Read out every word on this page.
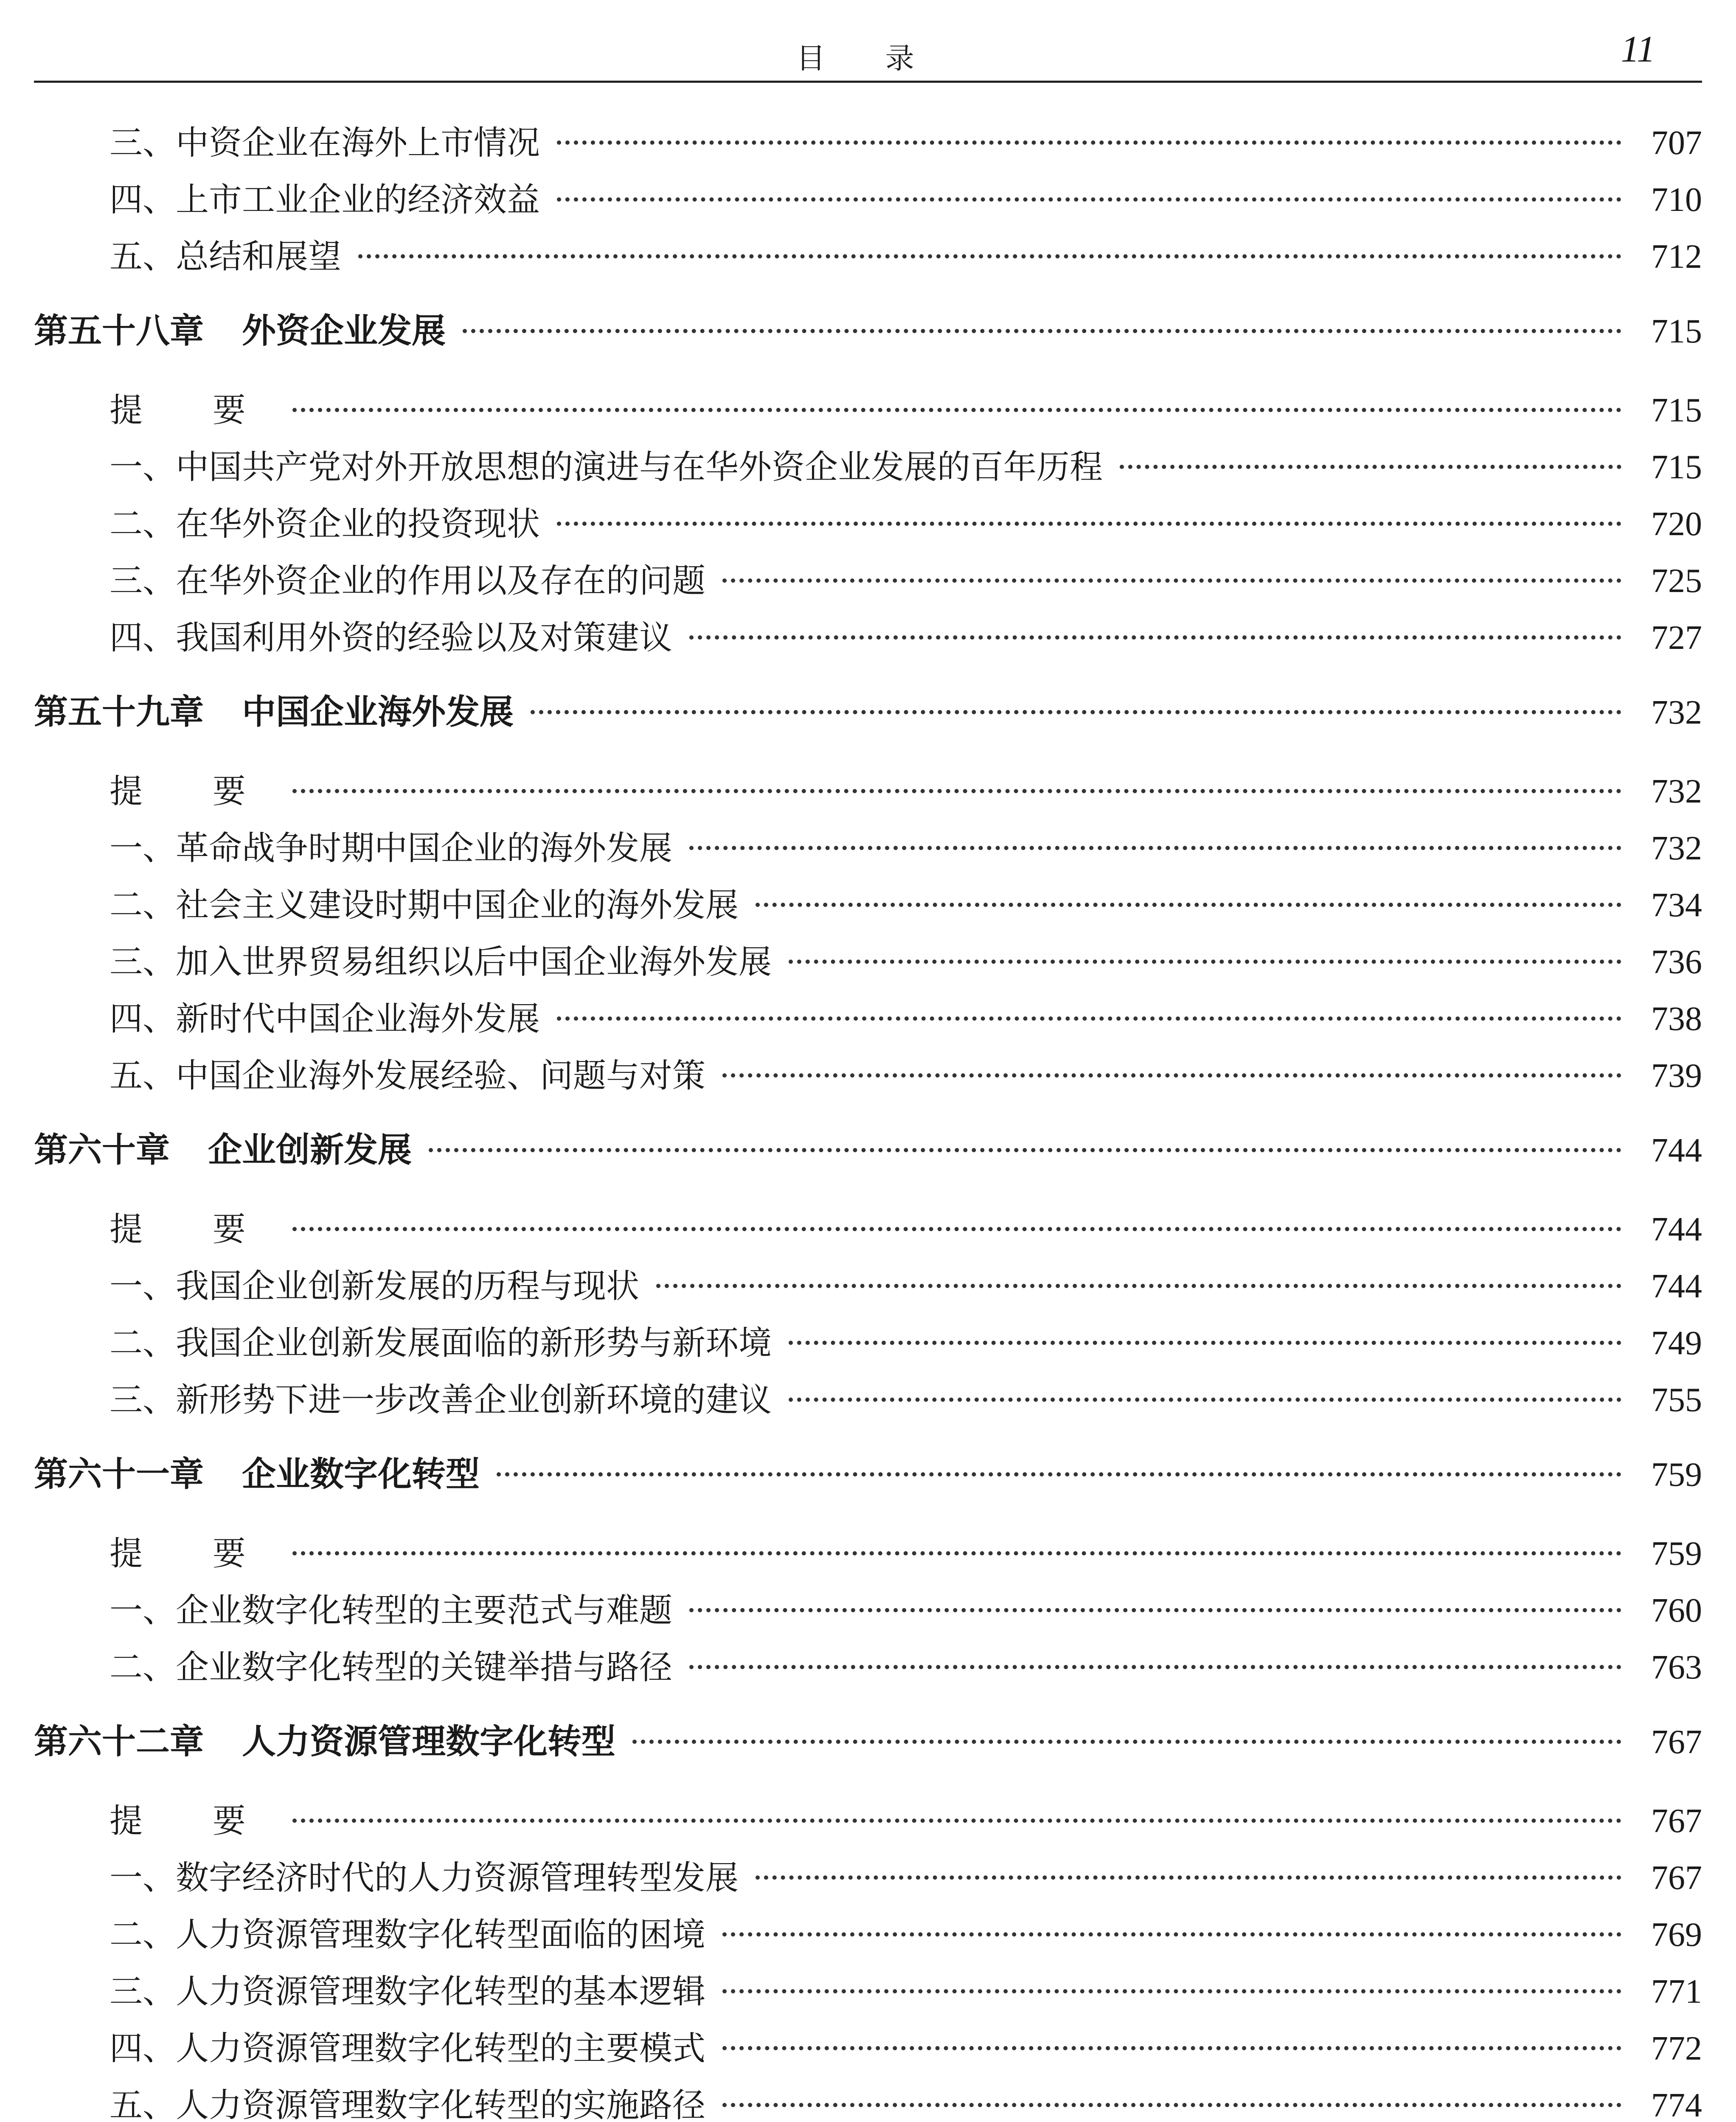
目 录	11
三、中资企业在海外上市情况	707
四、上市工业企业的经济效益	710
五、总结和展望	712
第五十八章 外资企业发展	715
提 要	715
一、中国共产党对外开放思想的演进与在华外资企业发展的百年历程	715
二、在华外资企业的投资现状	720
三、在华外资企业的作用以及存在的问题	725
四、我国利用外资的经验以及对策建议	727
第五十九章 中国企业海外发展	732
提 要	732
一、革命战争时期中国企业的海外发展	732
二、社会主义建设时期中国企业的海外发展	734
三、加入世界贸易组织以后中国企业海外发展	736
四、新时代中国企业海外发展	738
五、中国企业海外发展经验、问题与对策	739
第六十章 企业创新发展	744
提 要	744
一、我国企业创新发展的历程与现状	744
二、我国企业创新发展面临的新形势与新环境	749
三、新形势下进一步改善企业创新环境的建议	755
第六十一章 企业数字化转型	759
提 要	759
一、企业数字化转型的主要范式与难题	760
二、企业数字化转型的关键举措与路径	763
第六十二章 人力资源管理数字化转型	767
提 要	767
一、数字经济时代的人力资源管理转型发展	767
二、人力资源管理数字化转型面临的困境	769
三、人力资源管理数字化转型的基本逻辑	771
四、人力资源管理数字化转型的主要模式	772
五、人力资源管理数字化转型的实施路径	774
